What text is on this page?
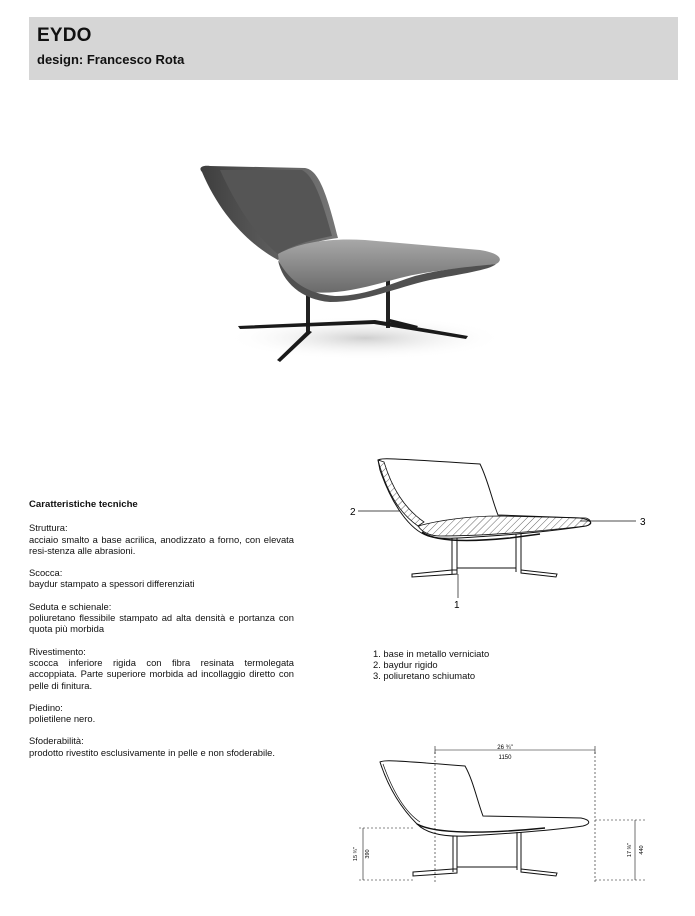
EYDO
design: Francesco Rota
Caratteristiche tecniche
Struttura:
acciaio smalto a base acrilica, anodizzato a forno, con elevata resi-stenza alle abrasioni.
Scocca:
baydur stampato a spessori differenziati
Seduta e schienale:
poliuretano flessibile stampato ad alta densità e portanza con quota più morbida
Rivestimento:
scocca inferiore rigida con fibra resinata termolegata accoppiata. Parte superiore morbida ad incollaggio diretto con pelle di finitura.
Piedino:
polietilene nero.
Sfoderabilità:
prodotto rivestito esclusivamente in pelle e non sfoderabile.
2
3
1
1. base in metallo verniciato
2. baydur rigido
3. poliuretano schiumato
26 ¾"
1150
15 ¾" 390	17 ⅜" 440
